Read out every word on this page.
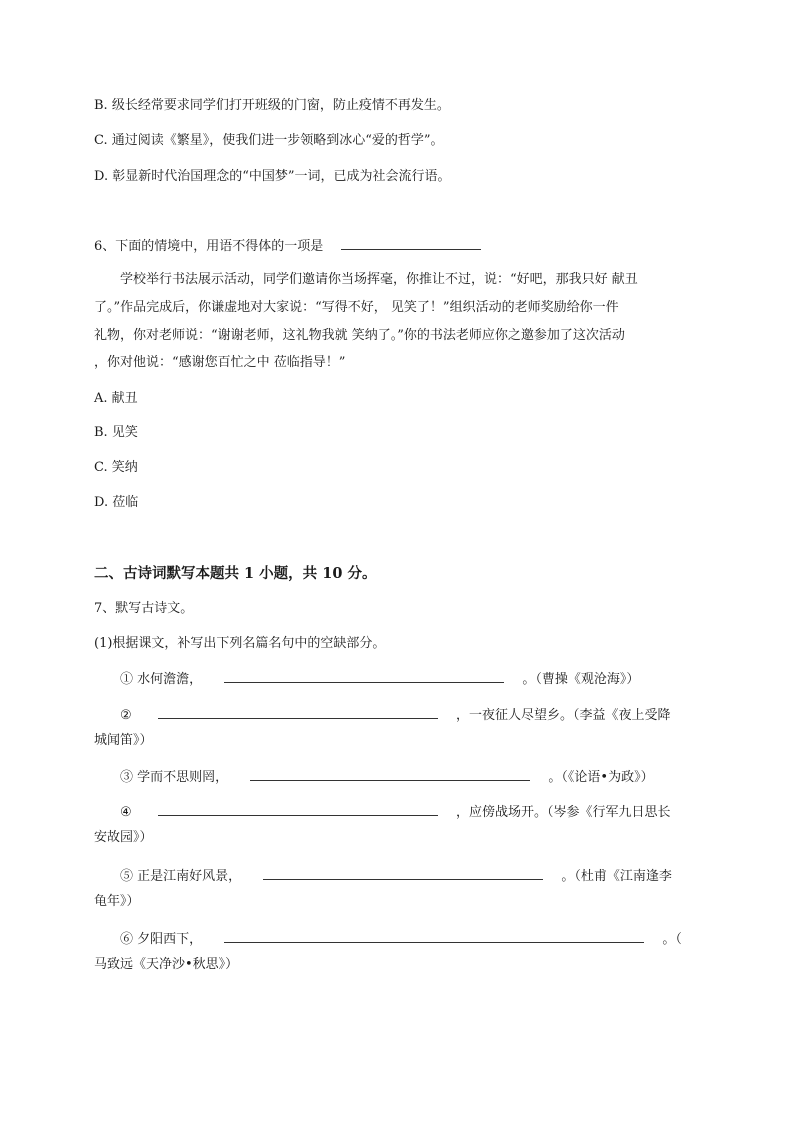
B. 级长经常要求同学们打开班级的门窗，防止疫情不再发生。
C. 通过阅读《繁星》，使我们进一步领略到冰心“爱的哲学”。
D. 彰显新时代治国理念的“中国梦”一词，已成为社会流行语。
6、下面的情境中，用语不得体的一项是
学校举行书法展示活动，同学们邀请你当场挥毫，你推让不过，说：“好吧，那我只好 献丑
了。”作品完成后，你谦虚地对大家说：“写得不好， 见笑了！”组织活动的老师奖励给你一件
礼物，你对老师说：“谢谢老师，这礼物我就 笑纳了。”你的书法老师应你之邀参加了这次活动
，你对他说：“感谢您百忙之中 莅临指导！”
A. 献丑
B. 见笑
C. 笑纳
D. 莅临
二、古诗词默写本题共 1 小题，共 10 分。
7、默写古诗文。
(1)根据课文，补写出下列名篇名句中的空缺部分。
① 水何澹澹，	。（曹操《观沧海》）
②	，一夜征人尽望乡。（李益《夜上受降
城闻笛》）
③ 学而不思则罔，	。（《论语•为政》）
④	，应傍战场开。（岑参《行军九日思长
安故园》）
⑤ 正是江南好风景，	。（杜甫《江南逢李
龟年》）
⑥ 夕阳西下，	。（
马致远《天净沙•秋思》）
